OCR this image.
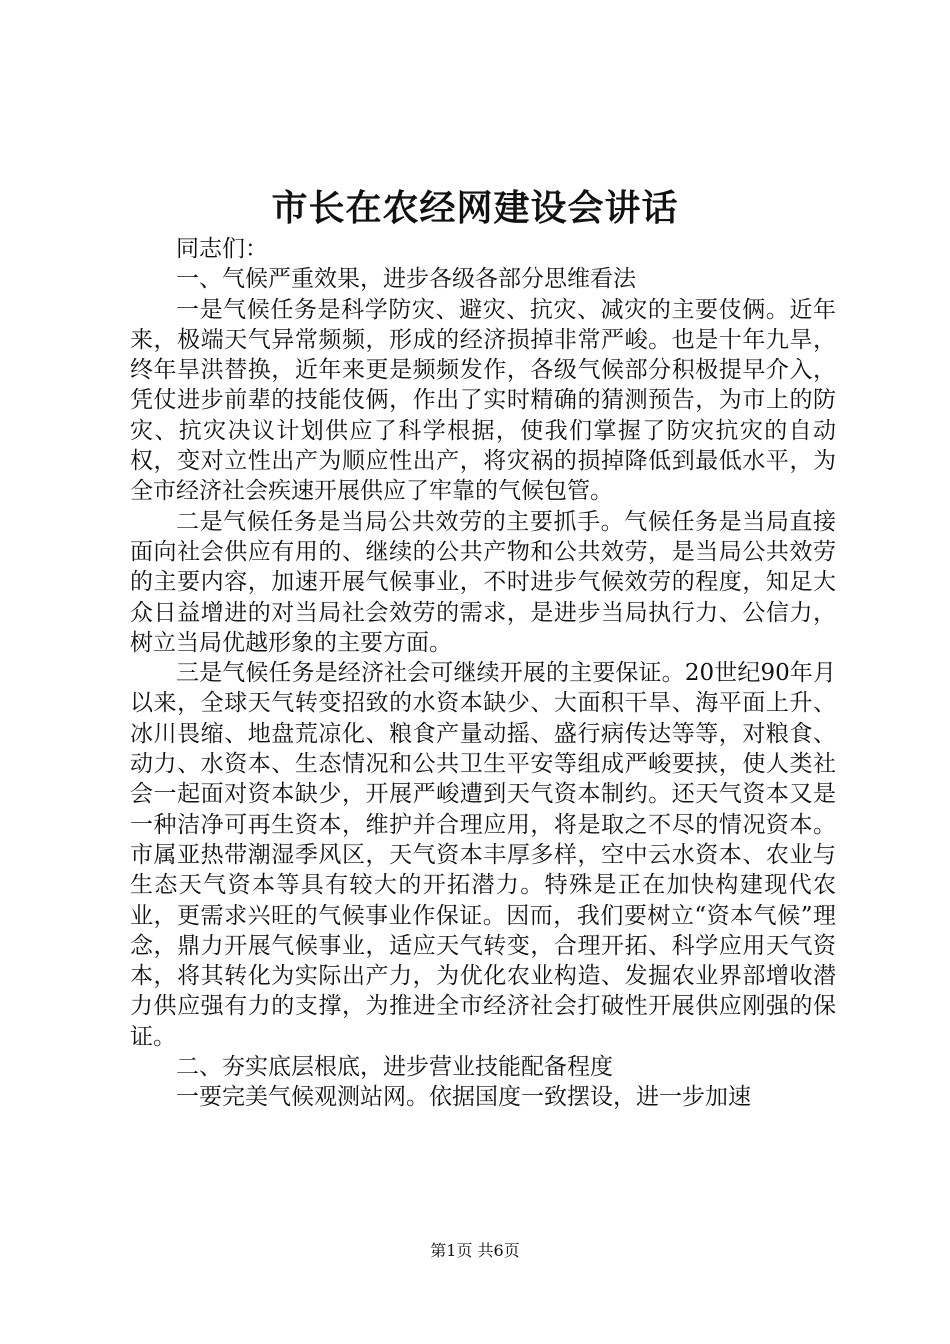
市长在农经网建设会讲话

同志们：

一、气候严重效果，进步各级各部分思维看法

一是气候任务是科学防灾、避灾、抗灾、减灾的主要伎俩。近年来，极端天气异常频频，形成的经济损掉非常严峻。也是十年九旱，终年旱洪替换，近年来更是频频发作，各级气候部分积极提早介入，凭仗进步前辈的技能伎俩，作出了实时精确的猜测预告，为市上的防灾、抗灾决议计划供应了科学根据，使我们掌握了防灾抗灾的自动权，变对立性出产为顺应性出产，将灾祸的损掉降低到最低水平，为全市经济社会疾速开展供应了牢靠的气候包管。

二是气候任务是当局公共效劳的主要抓手。气候任务是当局直接面向社会供应有用的、继续的公共产物和公共效劳，是当局公共效劳的主要内容，加速开展气候事业，不时进步气候效劳的程度，知足大众日益增进的对当局社会效劳的需求，是进步当局执行力、公信力，树立当局优越形象的主要方面。

三是气候任务是经济社会可继续开展的主要保证。20世纪90年月以来，全球天气转变招致的水资本缺少、大面积干旱、海平面上升、冰川畏缩、地盘荒凉化、粮食产量动摇、盛行病传达等等，对粮食、动力、水资本、生态情况和公共卫生平安等组成严峻要挟，使人类社会一起面对资本缺少，开展严峻遭到天气资本制约。还天气资本又是一种洁净可再生资本，维护并合理应用，将是取之不尽的情况资本。市属亚热带潮湿季风区，天气资本丰厚多样，空中云水资本、农业与生态天气资本等具有较大的开拓潜力。特殊是正在加快构建现代农业，更需求兴旺的气候事业作保证。因而，我们要树立“资本气候”理念，鼎力开展气候事业，适应天气转变，合理开拓、科学应用天气资本，将其转化为实际出产力，为优化农业构造、发掘农业界部增收潜力供应强有力的支撑，为推进全市经济社会打破性开展供应刚强的保证。

二、夯实底层根底，进步营业技能配备程度

一要完美气候观测站网。依据国度一致摆设，进一步加速

第1页 共6页
